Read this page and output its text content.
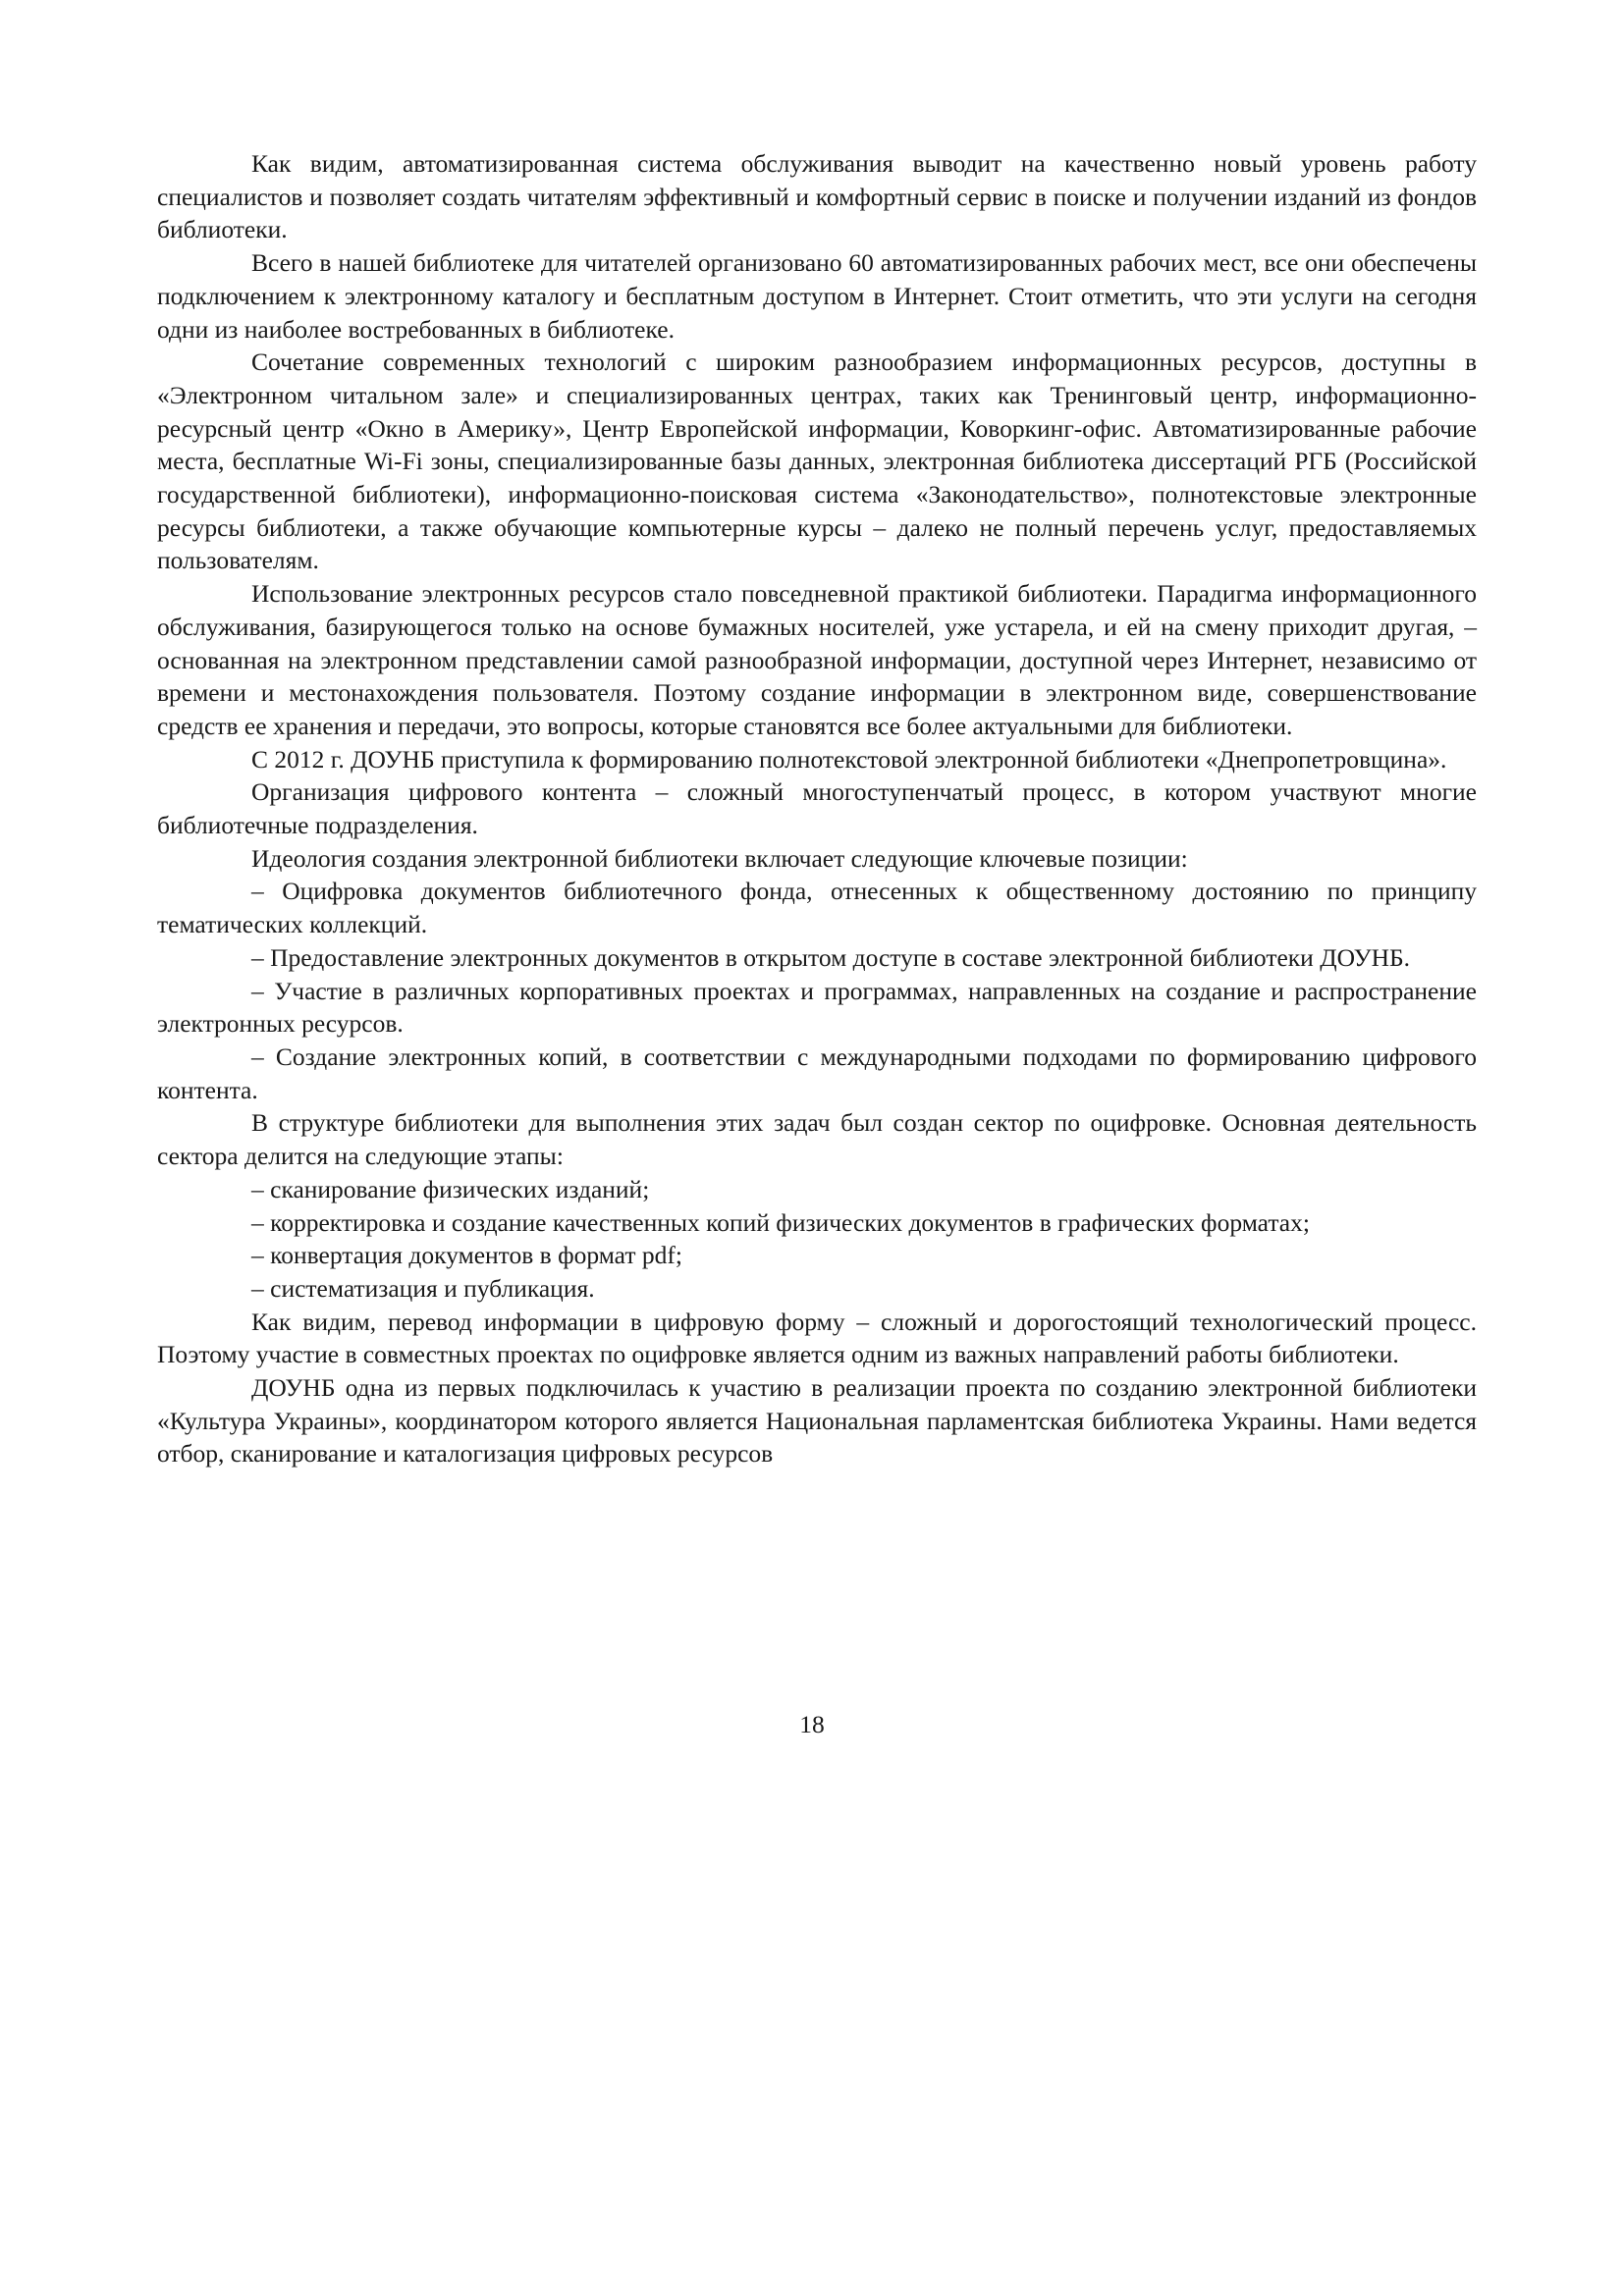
Как видим, автоматизированная система обслуживания выводит на качественно новый уровень работу специалистов и позволяет создать читателям эффективный и комфортный сервис в поиске и получении изданий из фондов библиотеки.

Всего в нашей библиотеке для читателей организовано 60 автоматизированных рабочих мест, все они обеспечены подключением к электронному каталогу и бесплатным доступом в Интернет. Стоит отметить, что эти услуги на сегодня одни из наиболее востребованных в библиотеке.

Сочетание современных технологий с широким разнообразием информационных ресурсов, доступны в «Электронном читальном зале» и специализированных центрах, таких как Тренинговый центр, информационно-ресурсный центр «Окно в Америку», Центр Европейской информации, Коворкинг-офис. Автоматизированные рабочие места, бесплатные Wi-Fi зоны, специализированные базы данных, электронная библиотека диссертаций РГБ (Российской государственной библиотеки), информационно-поисковая система «Законодательство», полнотекстовые электронные ресурсы библиотеки, а также обучающие компьютерные курсы – далеко не полный перечень услуг, предоставляемых пользователям.

Использование электронных ресурсов стало повседневной практикой библиотеки. Парадигма информационного обслуживания, базирующегося только на основе бумажных носителей, уже устарела, и ей на смену приходит другая, – основанная на электронном представлении самой разнообразной информации, доступной через Интернет, независимо от времени и местонахождения пользователя. Поэтому создание информации в электронном виде, совершенствование средств ее хранения и передачи, это вопросы, которые становятся все более актуальными для библиотеки.

С 2012 г. ДОУНБ приступила к формированию полнотекстовой электронной библиотеки «Днепропетровщина».

Организация цифрового контента – сложный многоступенчатый процесс, в котором участвуют многие библиотечные подразделения.

Идеология создания электронной библиотеки включает следующие ключевые позиции:

– Оцифровка документов библиотечного фонда, отнесенных к общественному достоянию по принципу тематических коллекций.

– Предоставление электронных документов в открытом доступе в составе электронной библиотеки ДОУНБ.

– Участие в различных корпоративных проектах и программах, направленных на создание и распространение электронных ресурсов.

– Создание электронных копий, в соответствии с международными подходами по формированию цифрового контента.

В структуре библиотеки для выполнения этих задач был создан сектор по оцифровке. Основная деятельность сектора делится на следующие этапы:

– сканирование физических изданий;

– корректировка и создание качественных копий физических документов в графических форматах;

– конвертация документов в формат pdf;

– систематизация и публикация.

Как видим, перевод информации в цифровую форму – сложный и дорогостоящий технологический процесс. Поэтому участие в совместных проектах по оцифровке является одним из важных направлений работы библиотеки.

ДОУНБ одна из первых подключилась к участию в реализации проекта по созданию электронной библиотеки «Культура Украины», координатором которого является Национальная парламентская библиотека Украины. Нами ведется отбор, сканирование и каталогизация цифровых ресурсов

18
